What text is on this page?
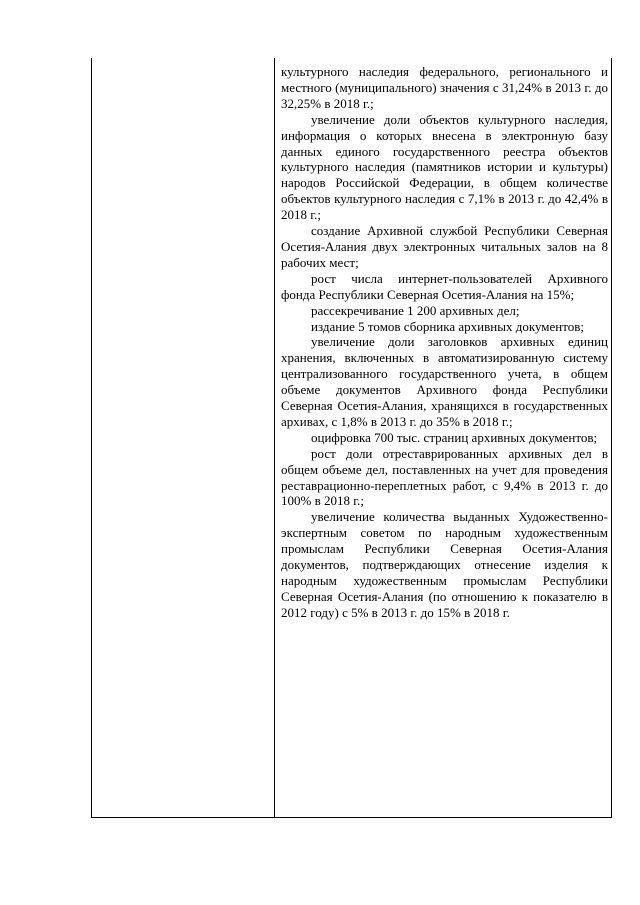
культурного наследия федерального, регионального и местного (муниципального) значения с 31,24% в 2013 г. до 32,25% в 2018 г.;

увеличение доли объектов культурного наследия, информация о которых внесена в электронную базу данных единого государственного реестра объектов культурного наследия (памятников истории и культуры) народов Российской Федерации, в общем количестве объектов культурного наследия с 7,1% в 2013 г. до 42,4% в 2018 г.;

создание Архивной службой Республики Северная Осетия-Алания двух электронных читальных залов на 8 рабочих мест;

рост числа интернет-пользователей Архивного фонда Республики Северная Осетия-Алания на 15%;

рассекречивание 1 200 архивных дел;

издание 5 томов сборника архивных документов;

увеличение доли заголовков архивных единиц хранения, включенных в автоматизированную систему централизованного государственного учета, в общем объеме документов Архивного фонда Республики Северная Осетия-Алания, хранящихся в государственных архивах, с 1,8% в 2013 г. до 35% в 2018 г.;

оцифровка 700 тыс. страниц архивных документов;

рост доли отреставрированных архивных дел в общем объеме дел, поставленных на учет для проведения реставрационно-переплетных работ, с 9,4% в 2013 г. до 100% в 2018 г.;

увеличение количества выданных Художественно-экспертным советом по народным художественным промыслам Республики Северная Осетия-Алания документов, подтверждающих отнесение изделия к народным художественным промыслам Республики Северная Осетия-Алания (по отношению к показателю в 2012 году) с 5% в 2013 г. до 15% в 2018 г.
